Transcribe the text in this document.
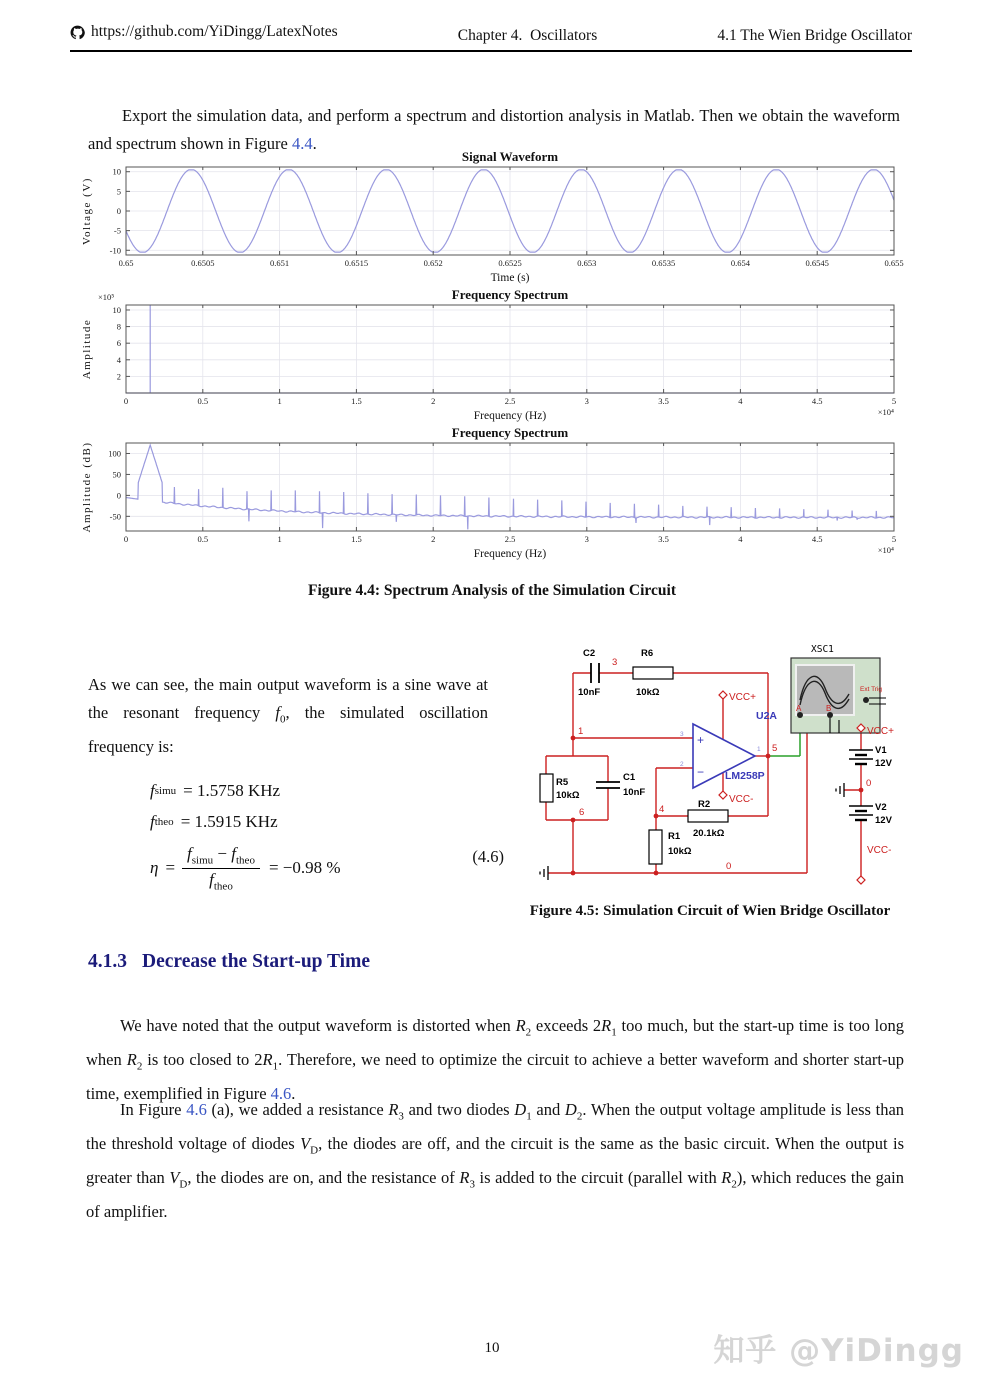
https://github.com/YiDingg/LatexNotes	Chapter 4.  Oscillators	4.1 The Wien Bridge Oscillator

Export the simulation data, and perform a spectrum and distortion analysis in Matlab. Then we obtain the waveform and spectrum shown in Figure 4.4.

0.65	0.6505	0.651	0.6515	0.652	0.6525	0.653	0.6535	0.654	0.6545	0.655
-10
-5
0
5
10
Signal Waveform
Time (s)
Voltage (V)
0	0.5	1	1.5	2	2.5	3	3.5	4	4.5	5
2
4
6
8
10
Frequency Spectrum
Frequency (Hz)
Amplitude
×10⁵
×10⁴
0	0.5	1	1.5	2	2.5	3	3.5	4	4.5	5
-50
0
50
100
Frequency Spectrum
Frequency (Hz)
Amplitude (dB)
×10⁴
Figure 4.4: Spectrum Analysis of the Simulation Circuit
As we can see, the main output waveform is a sine wave at the resonant frequency $f_0$, the simulated oscillation frequency is:
f simu = 1.5758 KHz
f theo = 1.5915 KHz
$\eta = \frac{f_{simu} - f_{theo}}{f_{theo}} = -0.98$ %
(4.6)
C2
10nF
R6
10kΩ
R5
10kΩ
C1
10nF
R1
10kΩ
R2
20.1kΩ
V1
12V
V2
12V
XSC1
1
3
5
6	4
0
0
VCC+
VCC-
VCC+
VCC-
Ext Trig
A	B
U2A
LM258P
+
−
3
2
1
Figure 4.5: Simulation Circuit of Wien Bridge Oscillator
4.1.3 Decrease the Start-up Time

We have noted that the output waveform is distorted when $R_2$ exceeds $2R_1$ too much, but the start-up time is too long when $R_2$ is too closed to $2R_1$. Therefore, we need to optimize the circuit to achieve a better waveform and shorter start-up time, exemplified in Figure 4.6.

In Figure 4.6 (a), we added a resistance $R_3$ and two diodes $D_1$ and $D_2$. When the output voltage amplitude is less than the threshold voltage of diodes $V_D$, the diodes are off, and the circuit is the same as the basic circuit. When the output is greater than $V_D$, the diodes are on, and the resistance of $R_3$ is added to the circuit (parallel with $R_2$), which reduces the gain of amplifier.

10	知乎 @YiDingg
